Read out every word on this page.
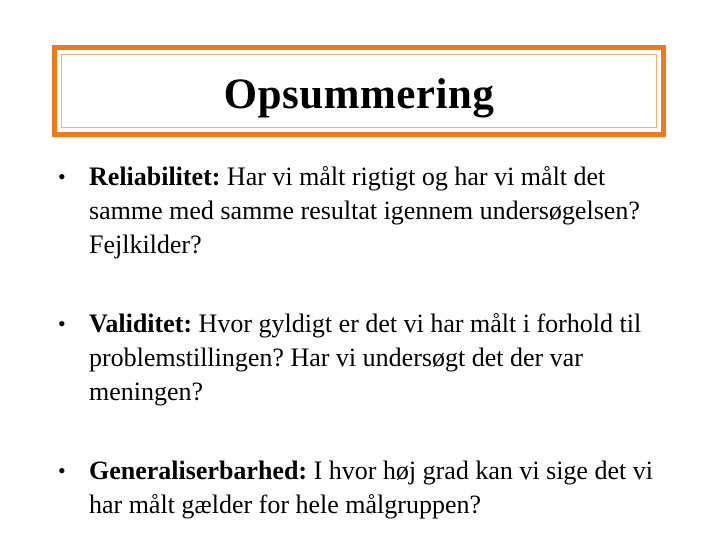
Opsummering
• Reliabilitet: Har vi målt rigtigt og har vi målt det samme med samme resultat igennem undersøgelsen? Fejlkilder?
• Validitet: Hvor gyldigt er det vi har målt i forhold til problemstillingen? Har vi undersøgt det der var meningen?
• Generaliserbarhed: I hvor høj grad kan vi sige det vi har målt gælder for hele målgruppen?
